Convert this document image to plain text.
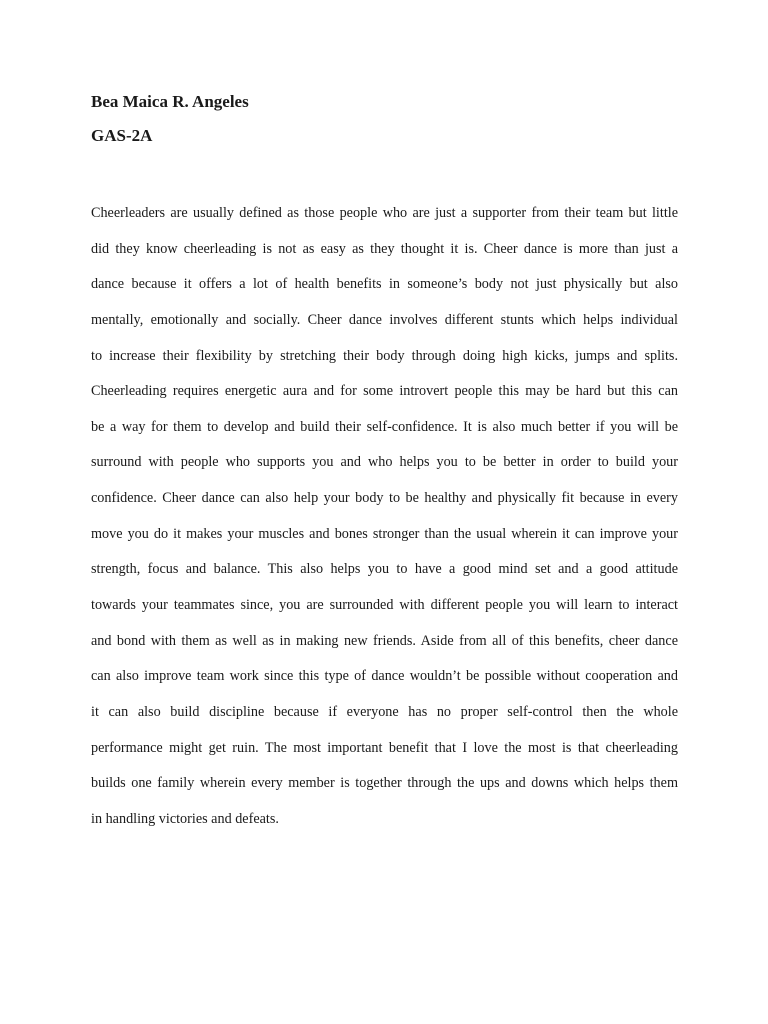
Bea Maica R. Angeles

GAS-2A

Cheerleaders are usually defined as those people who are just a supporter from their team but little
did they know cheerleading is not as easy as they thought it is. Cheer dance is more than just a
dance because it offers a lot of health benefits in someone’s body not just physically but also
mentally, emotionally and socially. Cheer dance involves different stunts which helps individual
to increase their flexibility by stretching their body through doing high kicks, jumps and splits.
Cheerleading requires energetic aura and for some introvert people this may be hard but this can
be a way for them to develop and build their self-confidence. It is also much better if you will be
surround with people who supports you and who helps you to be better in order to build your
confidence. Cheer dance can also help your body to be healthy and physically fit because in every
move you do it makes your muscles and bones stronger than the usual wherein it can improve your
strength, focus and balance. This also helps you to have a good mind set and a good attitude
towards your teammates since, you are surrounded with different people you will learn to interact
and bond with them as well as in making new friends. Aside from all of this benefits, cheer dance
can also improve team work since this type of dance wouldn’t be possible without cooperation and
it can also build discipline because if everyone has no proper self-control then the whole
performance might get ruin. The most important benefit that I love the most is that cheerleading
builds one family wherein every member is together through the ups and downs which helps them
in handling victories and defeats.
